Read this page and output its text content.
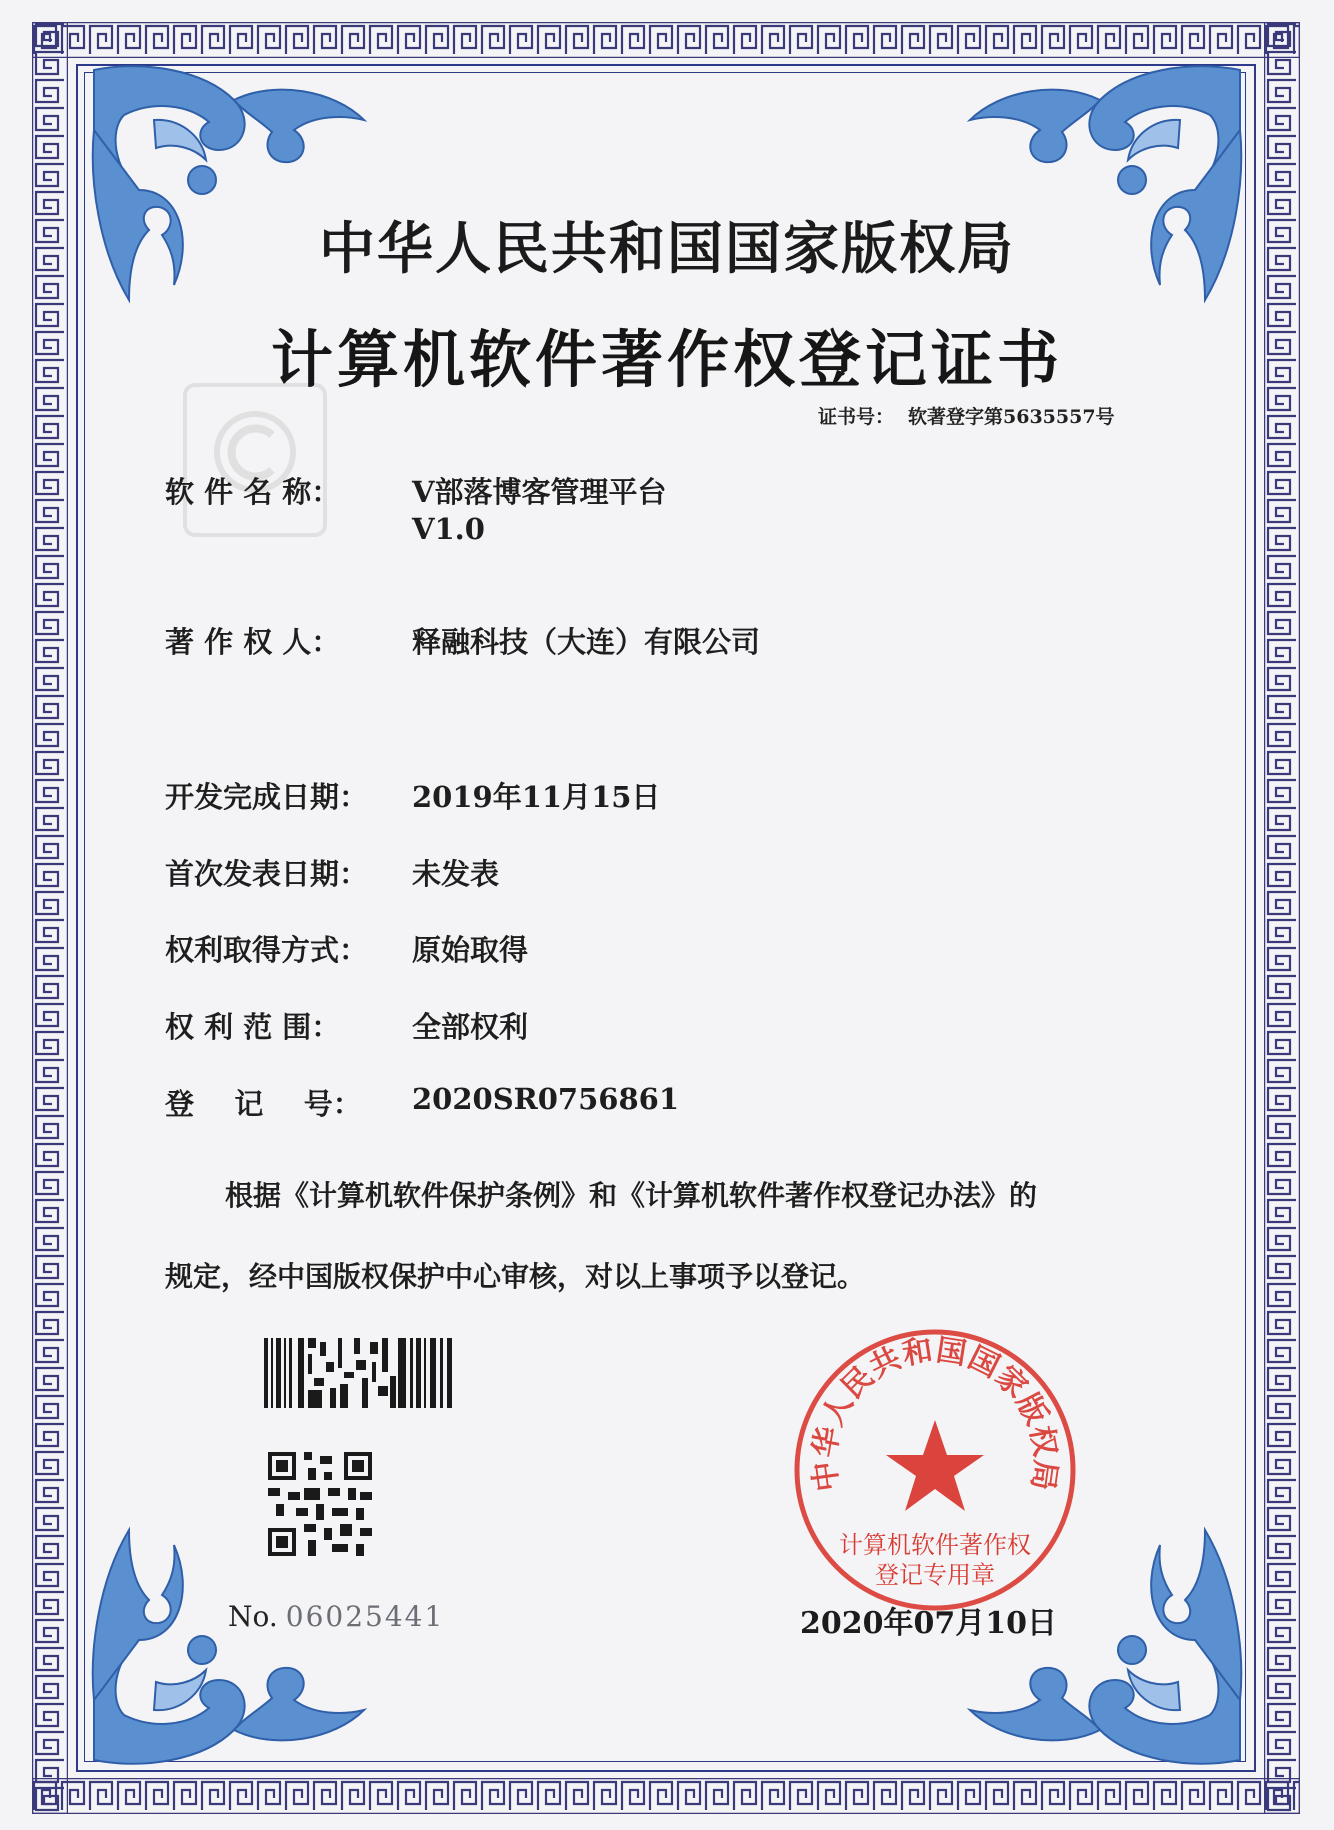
中华人民共和国国家版权局
计算机软件著作权登记证书
证书号： 软著登字第5635557号
软 件 名 称：	V部落博客管理平台
V1.0
著 作 权 人：	释融科技（大连）有限公司
开发完成日期：	2019年11月15日
首次发表日期：	未发表
权利取得方式：	原始取得
权 利 范 围：	全部权利
登    记    号：	2020SR0756861
根据《计算机软件保护条例》和《计算机软件著作权登记办法》的
规定，经中国版权保护中心审核，对以上事项予以登记。
No. 06025441
中华人民共和国国家版权局
计算机软件著作权
登记专用章
2020年07月10日
